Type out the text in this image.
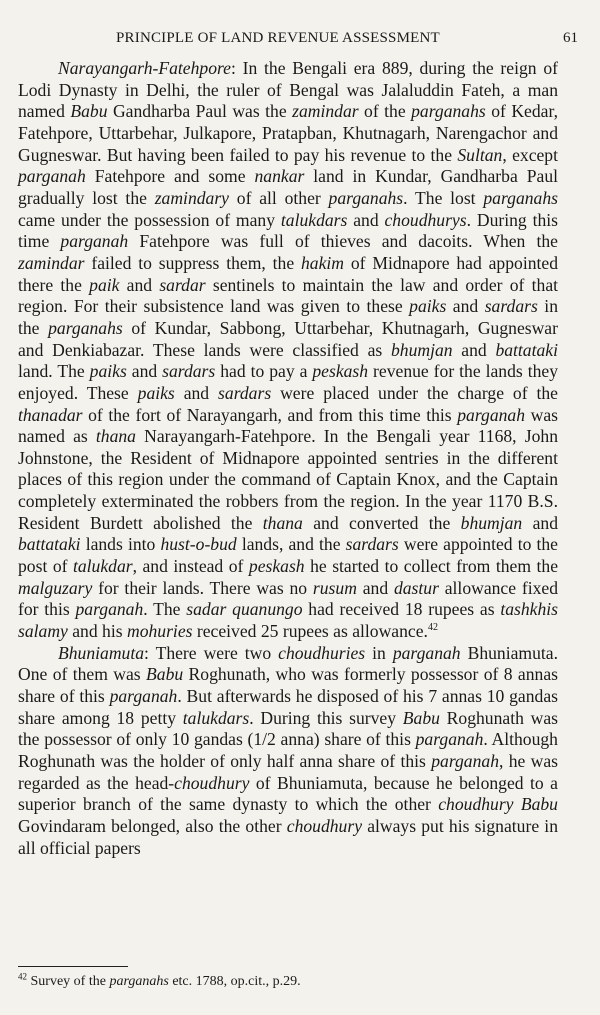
PRINCIPLE OF LAND REVENUE ASSESSMENT	61

Narayangarh-Fatehpore: In the Bengali era 889, during the reign of Lodi Dynasty in Delhi, the ruler of Bengal was Jalaluddin Fateh, a man named Babu Gandharba Paul was the zamindar of the parganahs of Kedar, Fatehpore, Uttarbehar, Julkapore, Pratapban, Khutnagarh, Narengachor and Gugneswar. But having been failed to pay his revenue to the Sultan, except parganah Fatehpore and some nankar land in Kundar, Gandharba Paul gradually lost the zamindary of all other parganahs. The lost parganahs came under the possession of many talukdars and choudhurys. During this time parganah Fatehpore was full of thieves and dacoits. When the zamindar failed to suppress them, the hakim of Midnapore had appointed there the paik and sardar sentinels to maintain the law and order of that region. For their subsistence land was given to these paiks and sardars in the parganahs of Kundar, Sabbong, Uttarbehar, Khutnagarh, Gugneswar and Denkiabazar. These lands were classified as bhumjan and battataki land. The paiks and sardars had to pay a peskash revenue for the lands they enjoyed. These paiks and sardars were placed under the charge of the thanadar of the fort of Narayangarh, and from this time this parganah was named as thana Narayangarh-Fatehpore. In the Bengali year 1168, John Johnstone, the Resident of Midnapore appointed sentries in the different places of this region under the command of Captain Knox, and the Captain completely exterminated the robbers from the region. In the year 1170 B.S. Resident Burdett abolished the thana and converted the bhumjan and battataki lands into hust-o-bud lands, and the sardars were appointed to the post of talukdar, and instead of peskash he started to collect from them the malguzary for their lands. There was no rusum and dastur allowance fixed for this parganah. The sadar quanungo had received 18 rupees as tashkhis salamy and his mohuries received 25 rupees as allowance.$^{42}$

Bhuniamuta: There were two choudhuries in parganah Bhuniamuta. One of them was Babu Roghunath, who was formerly possessor of 8 annas share of this parganah. But afterwards he disposed of his 7 annas 10 gandas share among 18 petty talukdars. During this survey Babu Roghunath was the possessor of only 10 gandas (1/2 anna) share of this parganah. Although Roghunath was the holder of only half anna share of this parganah, he was regarded as the head-choudhury of Bhuniamuta, because he belonged to a superior branch of the same dynasty to which the other choudhury Babu Govindaram belonged, also the other choudhury always put his signature in all official papers

$^{42}$ Survey of the parganahs etc. 1788, op.cit., p.29.
